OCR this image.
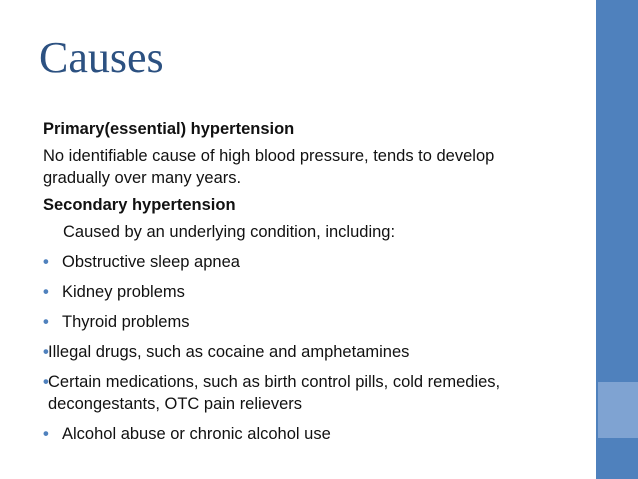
Causes

Primary(essential) hypertension

No identifiable cause of high blood pressure, tends to develop gradually over many years.

Secondary hypertension

Caused by an underlying condition, including:

• Obstructive sleep apnea
• Kidney problems
• Thyroid problems
• Illegal drugs, such as cocaine and amphetamines
• Certain medications, such as birth control pills, cold remedies, decongestants, OTC pain relievers
• Alcohol abuse or chronic alcohol use
